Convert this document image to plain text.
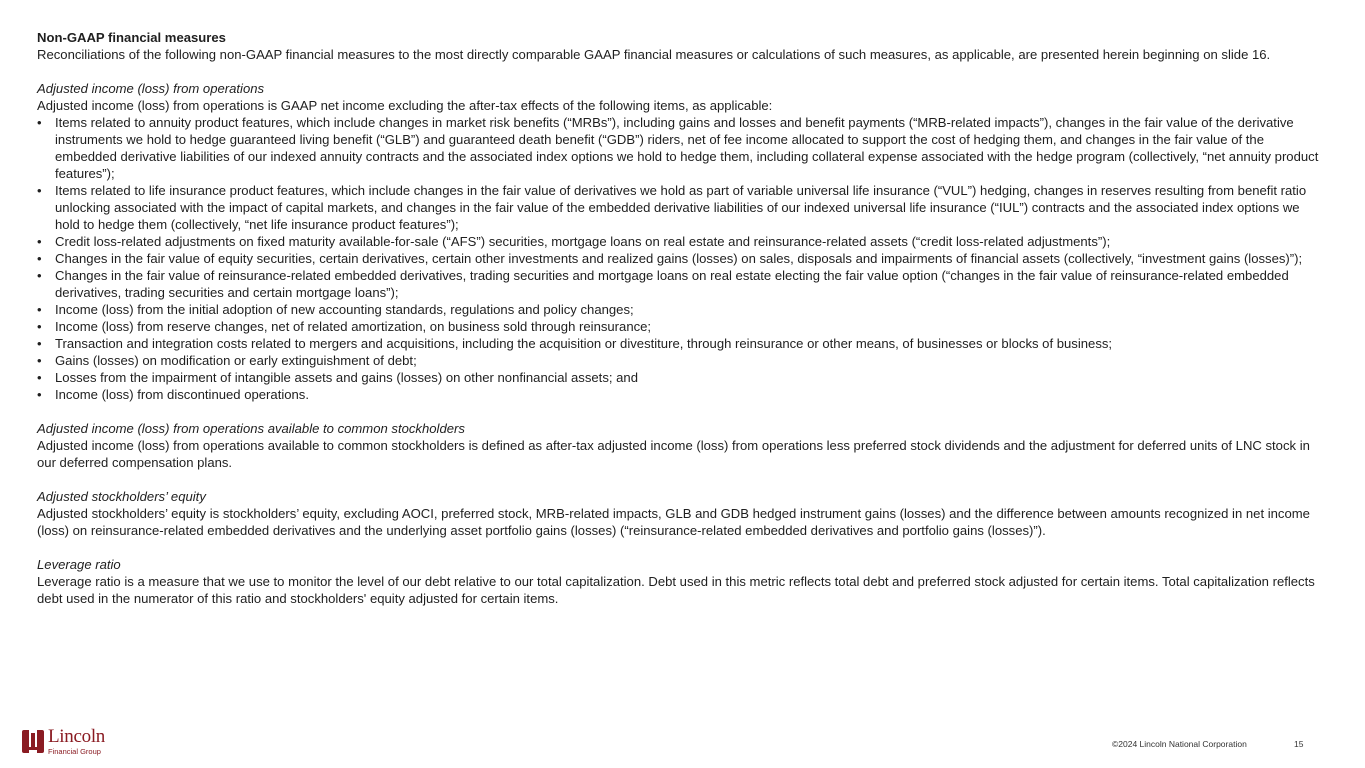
Non-GAAP financial measures

Reconciliations of the following non-GAAP financial measures to the most directly comparable GAAP financial measures or calculations of such measures, as applicable, are presented herein beginning on slide 16.

Adjusted income (loss) from operations

Adjusted income (loss) from operations is GAAP net income excluding the after-tax effects of the following items, as applicable:

• Items related to annuity product features, which include changes in market risk benefits (“MRBs”), including gains and losses and benefit payments (“MRB-related impacts”), changes in the fair value of the derivative instruments we hold to hedge guaranteed living benefit (“GLB”) and guaranteed death benefit (“GDB”) riders, net of fee income allocated to support the cost of hedging them, and changes in the fair value of the embedded derivative liabilities of our indexed annuity contracts and the associated index options we hold to hedge them, including collateral expense associated with the hedge program (collectively, “net annuity product features”);
• Items related to life insurance product features, which include changes in the fair value of derivatives we hold as part of variable universal life insurance (“VUL”) hedging, changes in reserves resulting from benefit ratio unlocking associated with the impact of capital markets, and changes in the fair value of the embedded derivative liabilities of our indexed universal life insurance (“IUL”) contracts and the associated index options we hold to hedge them (collectively, “net life insurance product features”);
• Credit loss-related adjustments on fixed maturity available-for-sale (“AFS”) securities, mortgage loans on real estate and reinsurance-related assets (“credit loss-related adjustments”);
• Changes in the fair value of equity securities, certain derivatives, certain other investments and realized gains (losses) on sales, disposals and impairments of financial assets (collectively, “investment gains (losses)”);
• Changes in the fair value of reinsurance-related embedded derivatives, trading securities and mortgage loans on real estate electing the fair value option (“changes in the fair value of reinsurance-related embedded derivatives, trading securities and certain mortgage loans”);
• Income (loss) from the initial adoption of new accounting standards, regulations and policy changes;
• Income (loss) from reserve changes, net of related amortization, on business sold through reinsurance;
• Transaction and integration costs related to mergers and acquisitions, including the acquisition or divestiture, through reinsurance or other means, of businesses or blocks of business;
• Gains (losses) on modification or early extinguishment of debt;
• Losses from the impairment of intangible assets and gains (losses) on other nonfinancial assets; and
• Income (loss) from discontinued operations.
Adjusted income (loss) from operations available to common stockholders

Adjusted income (loss) from operations available to common stockholders is defined as after-tax adjusted income (loss) from operations less preferred stock dividends and the adjustment for deferred units of LNC stock in our deferred compensation plans.

Adjusted stockholders’ equity

Adjusted stockholders’ equity is stockholders’ equity, excluding AOCI, preferred stock, MRB-related impacts, GLB and GDB hedged instrument gains (losses) and the difference between amounts recognized in net income (loss) on reinsurance-related embedded derivatives and the underlying asset portfolio gains (losses) (“reinsurance-related embedded derivatives and portfolio gains (losses)”).

Leverage ratio

Leverage ratio is a measure that we use to monitor the level of our debt relative to our total capitalization. Debt used in this metric reflects total debt and preferred stock adjusted for certain items. Total capitalization reflects debt used in the numerator of this ratio and stockholders' equity adjusted for certain items.

Lincoln
Financial Group
©2024 Lincoln National Corporation	15
